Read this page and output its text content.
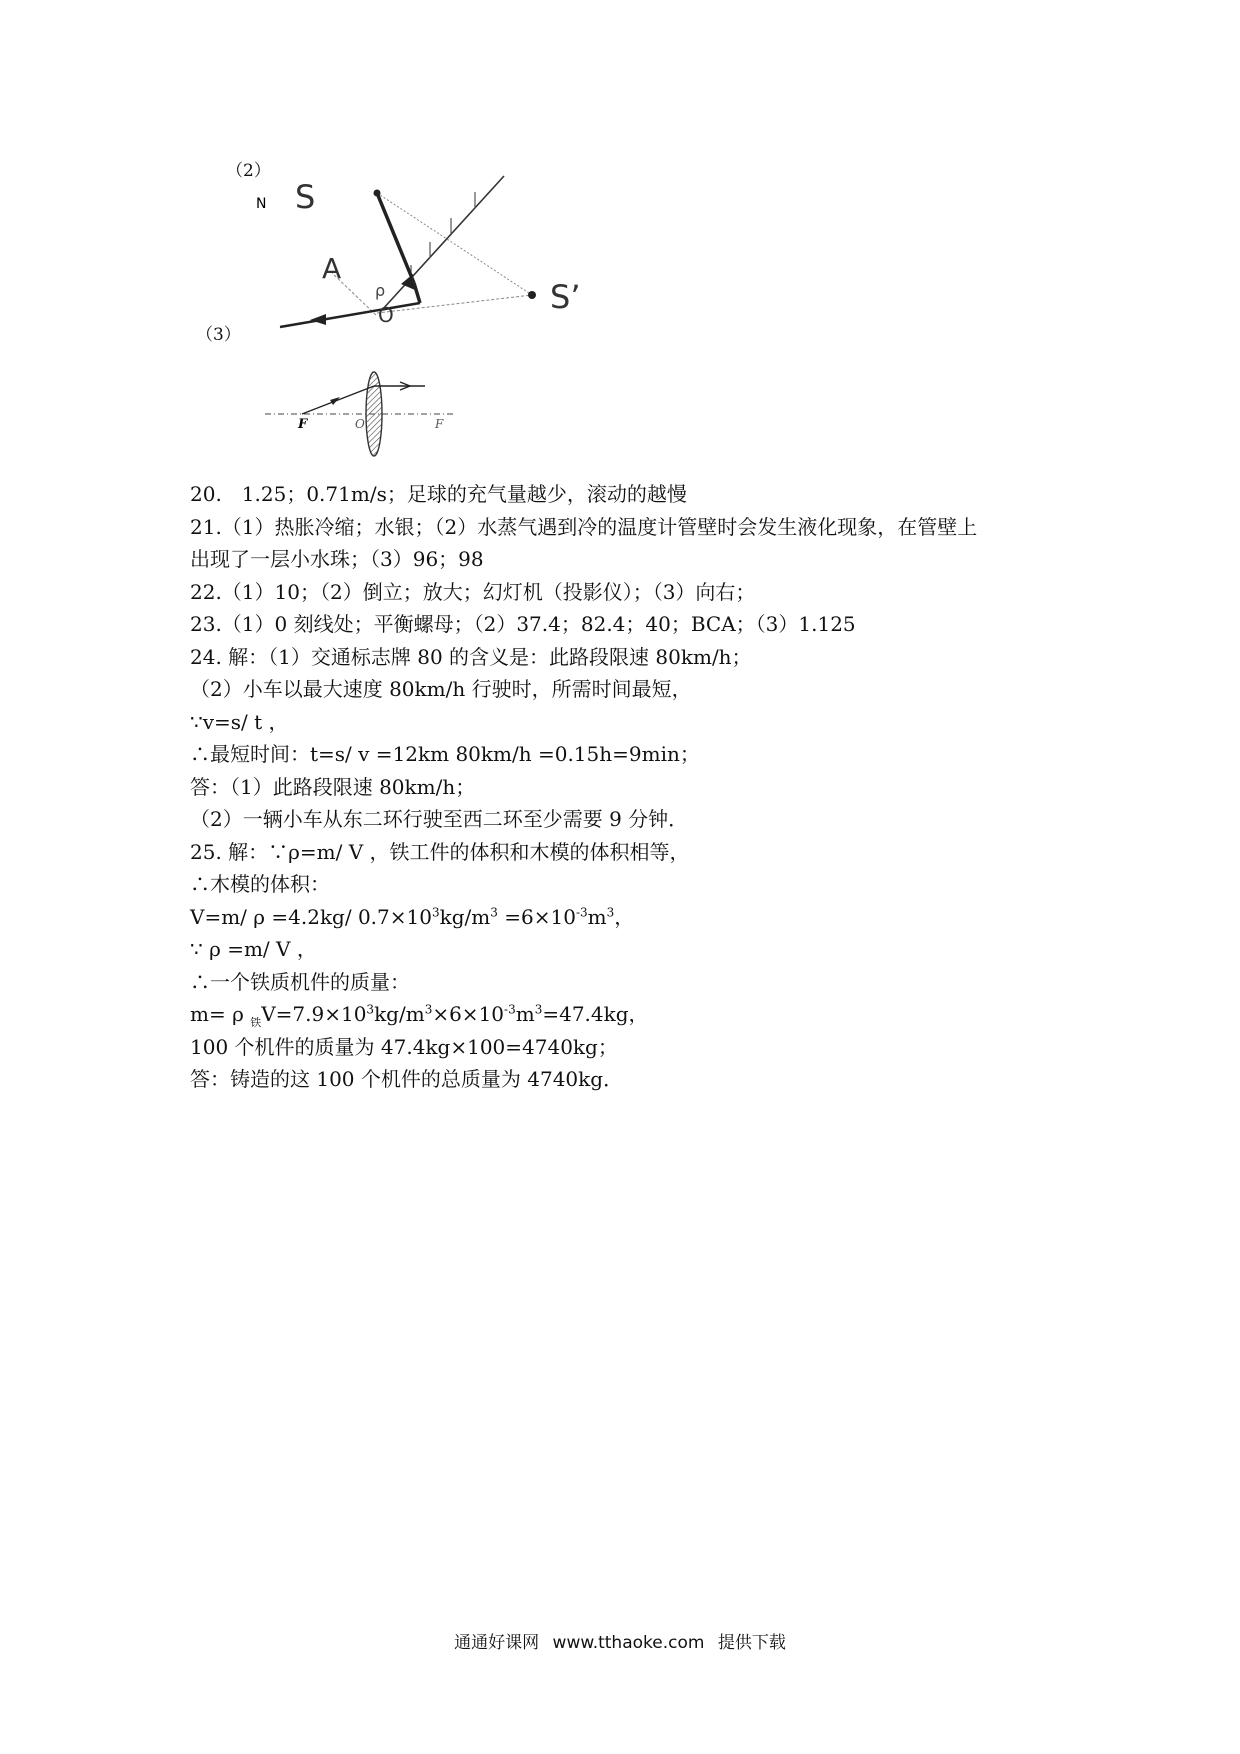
（2）
N S
A
ρ
O	S’
（3）
F	O	F
20.　1.25；0.71m/s；足球的充气量越少，滚动的越慢
21.（1）热胀冷缩；水银；（2）水蒸气遇到冷的温度计管壁时会发生液化现象，在管壁上
出现了一层小水珠；（3）96；98
22.（1）10；（2）倒立；放大；幻灯机（投影仪）；（3）向右；
23.（1）0 刻线处；平衡螺母；（2）37.4；82.4；40；BCA；（3）1.125
24. 解：（1）交通标志牌 80 的含义是：此路段限速 80km/h；
（2）小车以最大速度 80km/h 行驶时，所需时间最短，
∵v=s/ t ，
∴最短时间：t=s/ v =12km 80km/h =0.15h=9min；
答：（1）此路段限速 80km/h；
（2）一辆小车从东二环行驶至西二环至少需要 9 分钟．
25. 解：∵ρ=m/ V ，铁工件的体积和木模的体积相等，
∴木模的体积：
V=m/ ρ =4.2kg/ $0.7\times 10^3kg/m^3 =6\times 10^{-3}m^3$，
∵ ρ =m/ V ，
∴一个铁质机件的质量：
m= ρ $_铁V=7.9\times 10^3kg/m^3\times 6\times 10^{-3}m^3=47.4kg$，
100 个机件的质量为 47.4kg×100=4740kg；
答：铸造的这 100 个机件的总质量为 4740kg．
通通好课网 www.tthaoke.com 提供下载
